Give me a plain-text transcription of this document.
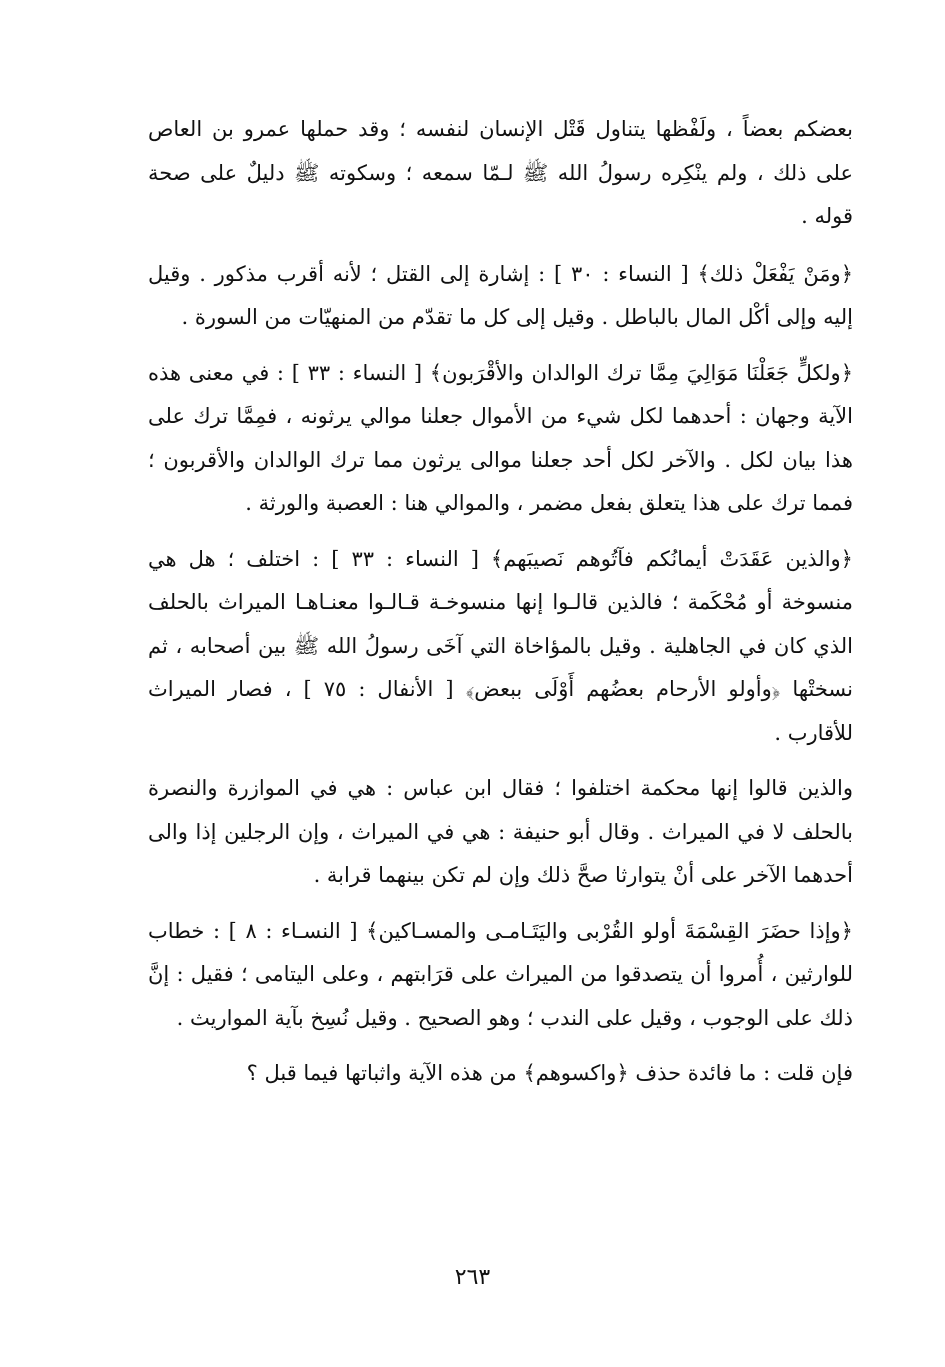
بعضكم بعضاً ، ولَفْظها يتناول قَتْل الإنسان لنفسه ؛ وقد حملها عمرو بن العاص على ذلك ، ولم ينْكِره رسولُ الله ﷺ لـمّا سمعه ؛ وسكوته ﷺ دليلٌ على صحة قوله .

﴿ومَنْ يَفْعَلْ ذلك﴾ [ النساء : ٣٠ ] : إشارة إلى القتل ؛ لأنه أقرب مذكور . وقيل إليه وإلى أكْل المال بالباطل . وقيل إلى كل ما تقدّم من المنهيّات من السورة .

﴿ولكلٍّ جَعَلْنَا مَوَالِيَ مِمَّا ترك الوالدان والأقْرَبون﴾ [ النساء : ٣٣ ] : في معنى هذه الآية وجهان : أحدهما لكل شيء من الأموال جعلنا موالي يرثونه ، فمِمَّا ترك على هذا بيان لكل . والآخر لكل أحد جعلنا موالى يرثون مما ترك الوالدان والأقربون ؛ فمما ترك على هذا يتعلق بفعل مضمر ، والموالي هنا : العصبة والورثة .

﴿والذين عَقَدَتْ أيمانُكم فآتُوهم نَصيبَهم﴾ [ النساء : ٣٣ ] : اختلف ؛ هل هي منسوخة أو مُحْكَمة ؛ فالذين قالـوا إنها منسوخـة قـالـوا معنـاهـا الميراث بالحلف الذي كان في الجاهلية . وقيل بالمؤاخاة التي آخَى رسولُ الله ﷺ بين أصحابه ، ثم نسختْها ﴿وأولو الأرحام بعضُهم أَوْلَى ببعض﴾ [ الأنفال : ٧٥ ] ، فصار الميراث للأقارب .

والذين قالوا إنها محكمة اختلفوا ؛ فقال ابن عباس : هي في الموازرة والنصرة بالحلف لا في الميراث . وقال أبو حنيفة : هي في الميراث ، وإن الرجلين إذا والى أحدهما الآخر على أنْ يتوارثا صحَّ ذلك وإن لم تكن بينهما قرابة .

﴿وإذا حضَرَ القِسْمَةَ أولو القُرْبى واليَتَـامـى والمسـاكين﴾ [ النسـاء : ٨ ] : خطاب للوارثين ، أُمروا أن يتصدقوا من الميراث على قرَابتهم ، وعلى اليتامى ؛ فقيل : إنَّ ذلك على الوجوب ، وقيل على الندب ؛ وهو الصحيح . وقيل نُسِخ بآية المواريث .

فإن قلت : ما فائدة حذف ﴿واكسوهم﴾ من هذه الآية واثباتها فيما قبل ؟

٢٦٣
